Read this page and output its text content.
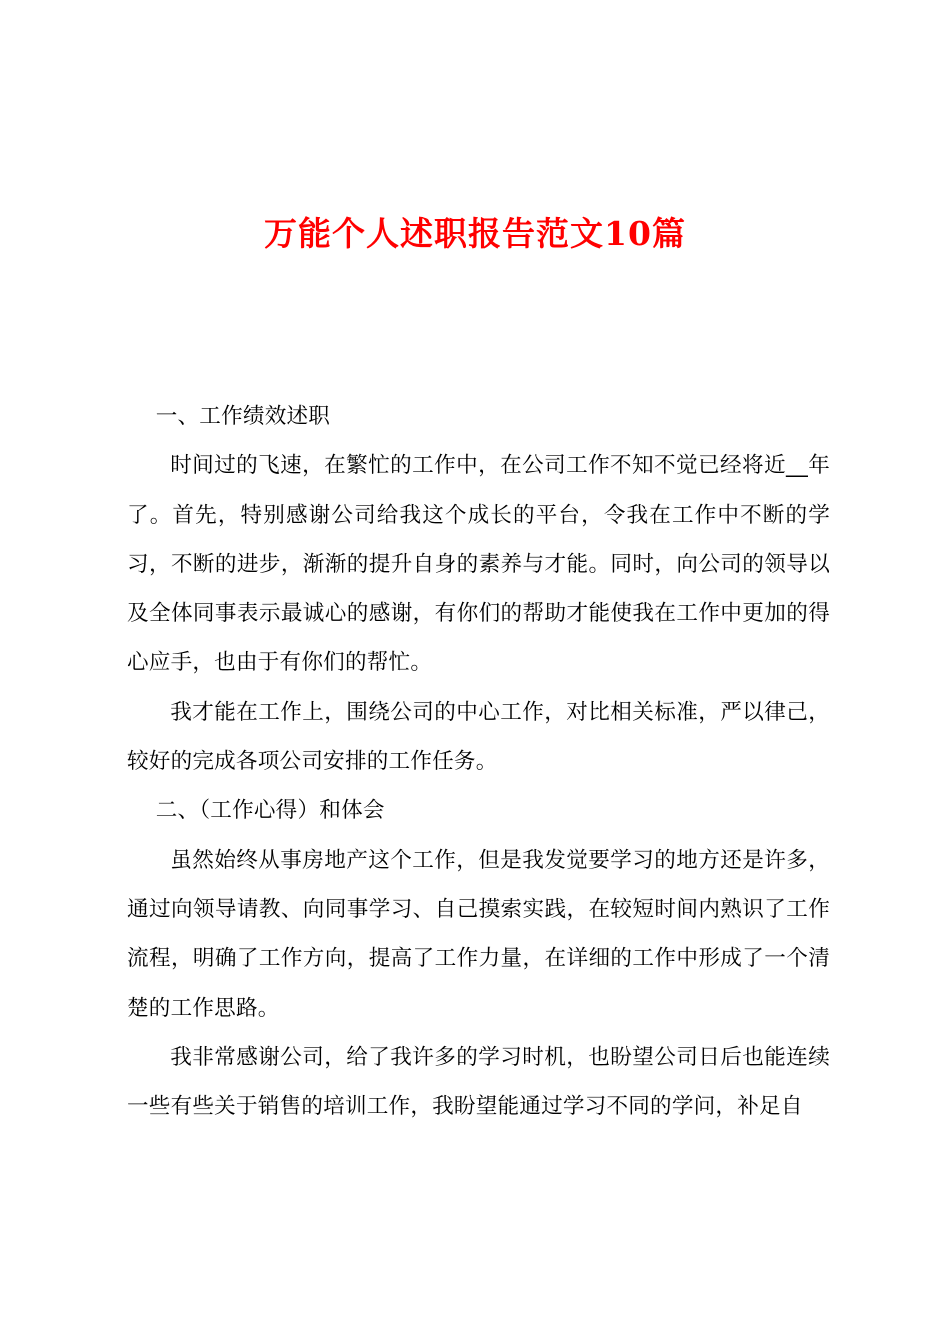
万能个人述职报告范文10篇

一、工作绩效述职

时间过的飞速，在繁忙的工作中，在公司工作不知不觉已经将近__年了。首先，特别感谢公司给我这个成长的平台，令我在工作中不断的学习，不断的进步，渐渐的提升自身的素养与才能。同时，向公司的领导以及全体同事表示最诚心的感谢，有你们的帮助才能使我在工作中更加的得心应手，也由于有你们的帮忙。

我才能在工作上，围绕公司的中心工作，对比相关标准，严以律己，较好的完成各项公司安排的工作任务。

二、（工作心得）和体会

虽然始终从事房地产这个工作，但是我发觉要学习的地方还是许多，通过向领导请教、向同事学习、自己摸索实践，在较短时间内熟识了工作流程，明确了工作方向，提高了工作力量，在详细的工作中形成了一个清楚的工作思路。

我非常感谢公司，给了我许多的学习时机，也盼望公司日后也能连续一些有些关于销售的培训工作，我盼望能通过学习不同的学问，补足自
